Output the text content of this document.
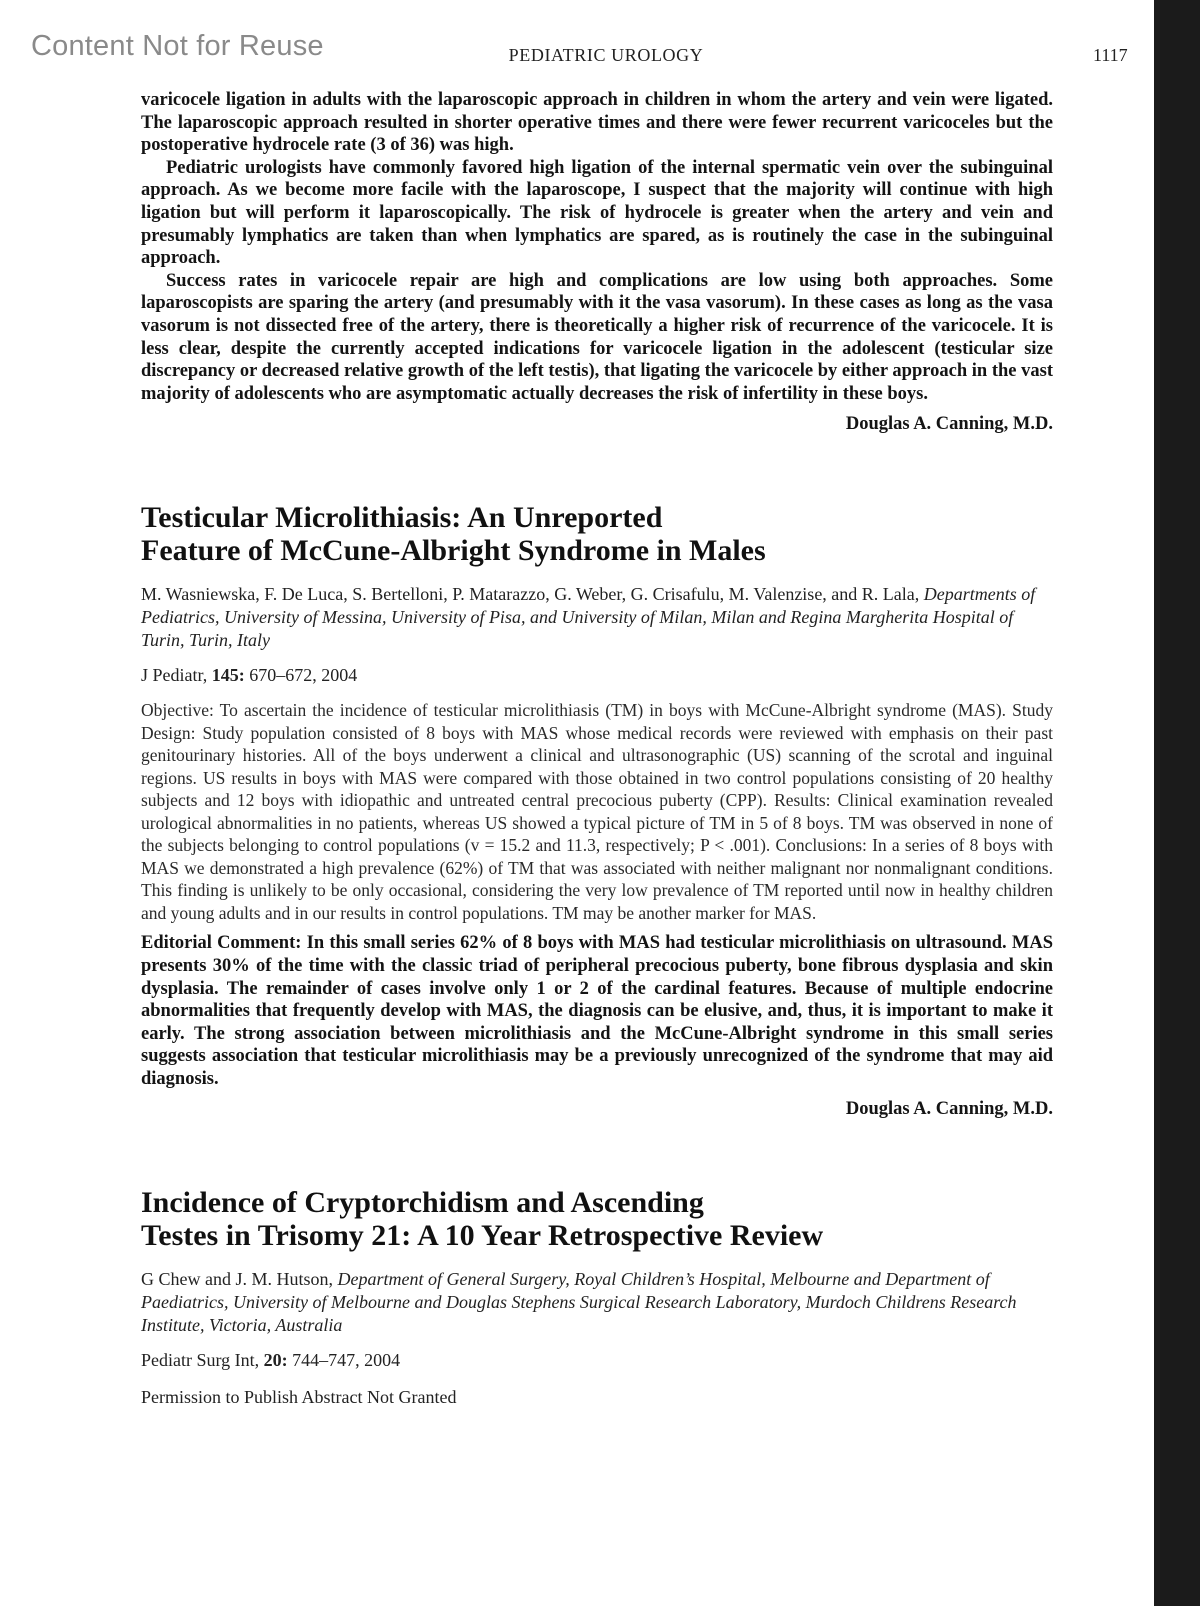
Content Not for Reuse	PEDIATRIC UROLOGY	1117

varicocele ligation in adults with the laparoscopic approach in children in whom the artery and vein were ligated. The laparoscopic approach resulted in shorter operative times and there were fewer recurrent varicoceles but the postoperative hydrocele rate (3 of 36) was high.

Pediatric urologists have commonly favored high ligation of the internal spermatic vein over the subinguinal approach. As we become more facile with the laparoscope, I suspect that the majority will continue with high ligation but will perform it laparoscopically. The risk of hydrocele is greater when the artery and vein and presumably lymphatics are taken than when lymphatics are spared, as is routinely the case in the subinguinal approach.

Success rates in varicocele repair are high and complications are low using both approaches. Some laparoscopists are sparing the artery (and presumably with it the vasa vasorum). In these cases as long as the vasa vasorum is not dissected free of the artery, there is theoretically a higher risk of recurrence of the varicocele. It is less clear, despite the currently accepted indications for varicocele ligation in the adolescent (testicular size discrepancy or decreased relative growth of the left testis), that ligating the varicocele by either approach in the vast majority of adolescents who are asymptomatic actually decreases the risk of infertility in these boys.

Douglas A. Canning, M.D.

Testicular Microlithiasis: An Unreported
Feature of McCune-Albright Syndrome in Males

M. Wasniewska, F. De Luca, S. Bertelloni, P. Matarazzo, G. Weber, G. Crisafulu, M. Valenzise, and R. Lala, Departments of Pediatrics, University of Messina, University of Pisa, and University of Milan, Milan and Regina Margherita Hospital of Turin, Turin, Italy

J Pediatr, 145: 670–672, 2004

Objective: To ascertain the incidence of testicular microlithiasis (TM) in boys with McCune-Albright syndrome (MAS). Study Design: Study population consisted of 8 boys with MAS whose medical records were reviewed with emphasis on their past genitourinary histories. All of the boys underwent a clinical and ultrasonographic (US) scanning of the scrotal and inguinal regions. US results in boys with MAS were compared with those obtained in two control populations consisting of 20 healthy subjects and 12 boys with idiopathic and untreated central precocious puberty (CPP). Results: Clinical examination revealed urological abnormalities in no patients, whereas US showed a typical picture of TM in 5 of 8 boys. TM was observed in none of the subjects belonging to control populations (v = 15.2 and 11.3, respectively; P < .001). Conclusions: In a series of 8 boys with MAS we demonstrated a high prevalence (62%) of TM that was associated with neither malignant nor nonmalignant conditions. This finding is unlikely to be only occasional, considering the very low prevalence of TM reported until now in healthy children and young adults and in our results in control populations. TM may be another marker for MAS.

Editorial Comment: In this small series 62% of 8 boys with MAS had testicular microlithiasis on ultrasound. MAS presents 30% of the time with the classic triad of peripheral precocious puberty, bone fibrous dysplasia and skin dysplasia. The remainder of cases involve only 1 or 2 of the cardinal features. Because of multiple endocrine abnormalities that frequently develop with MAS, the diagnosis can be elusive, and, thus, it is important to make it early. The strong association between microlithiasis and the McCune-Albright syndrome in this small series suggests association that testicular microlithiasis may be a previously unrecognized of the syndrome that may aid diagnosis.

Douglas A. Canning, M.D.

Incidence of Cryptorchidism and Ascending
Testes in Trisomy 21: A 10 Year Retrospective Review

G Chew and J. M. Hutson, Department of General Surgery, Royal Children’s Hospital, Melbourne and Department of Paediatrics, University of Melbourne and Douglas Stephens Surgical Research Laboratory, Murdoch Childrens Research Institute, Victoria, Australia

Pediatr Surg Int, 20: 744–747, 2004

Permission to Publish Abstract Not Granted
